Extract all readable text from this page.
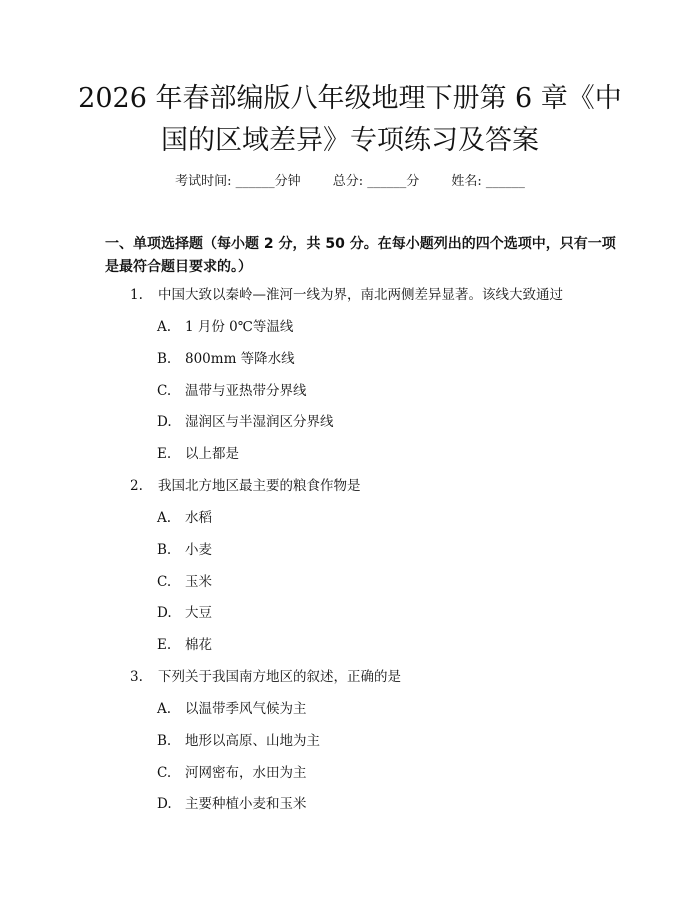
2026 年春部编版八年级地理下册第 6 章《中
国的区域差异》专项练习及答案
考试时间: ______分钟 总分: ______分 姓名: ______
一、单项选择题（每小题 2 分，共 50 分。在每小题列出的四个选项中，只有一项是最符合题目要求的。）
1. 中国大致以秦岭—淮河一线为界，南北两侧差异显著。该线大致通过
A. 1 月份 0℃等温线
B. 800mm 等降水线
C. 温带与亚热带分界线
D. 湿润区与半湿润区分界线
E. 以上都是
2. 我国北方地区最主要的粮食作物是
A. 水稻
B. 小麦
C. 玉米
D. 大豆
E. 棉花
3. 下列关于我国南方地区的叙述，正确的是
A. 以温带季风气候为主
B. 地形以高原、山地为主
C. 河网密布，水田为主
D. 主要种植小麦和玉米
